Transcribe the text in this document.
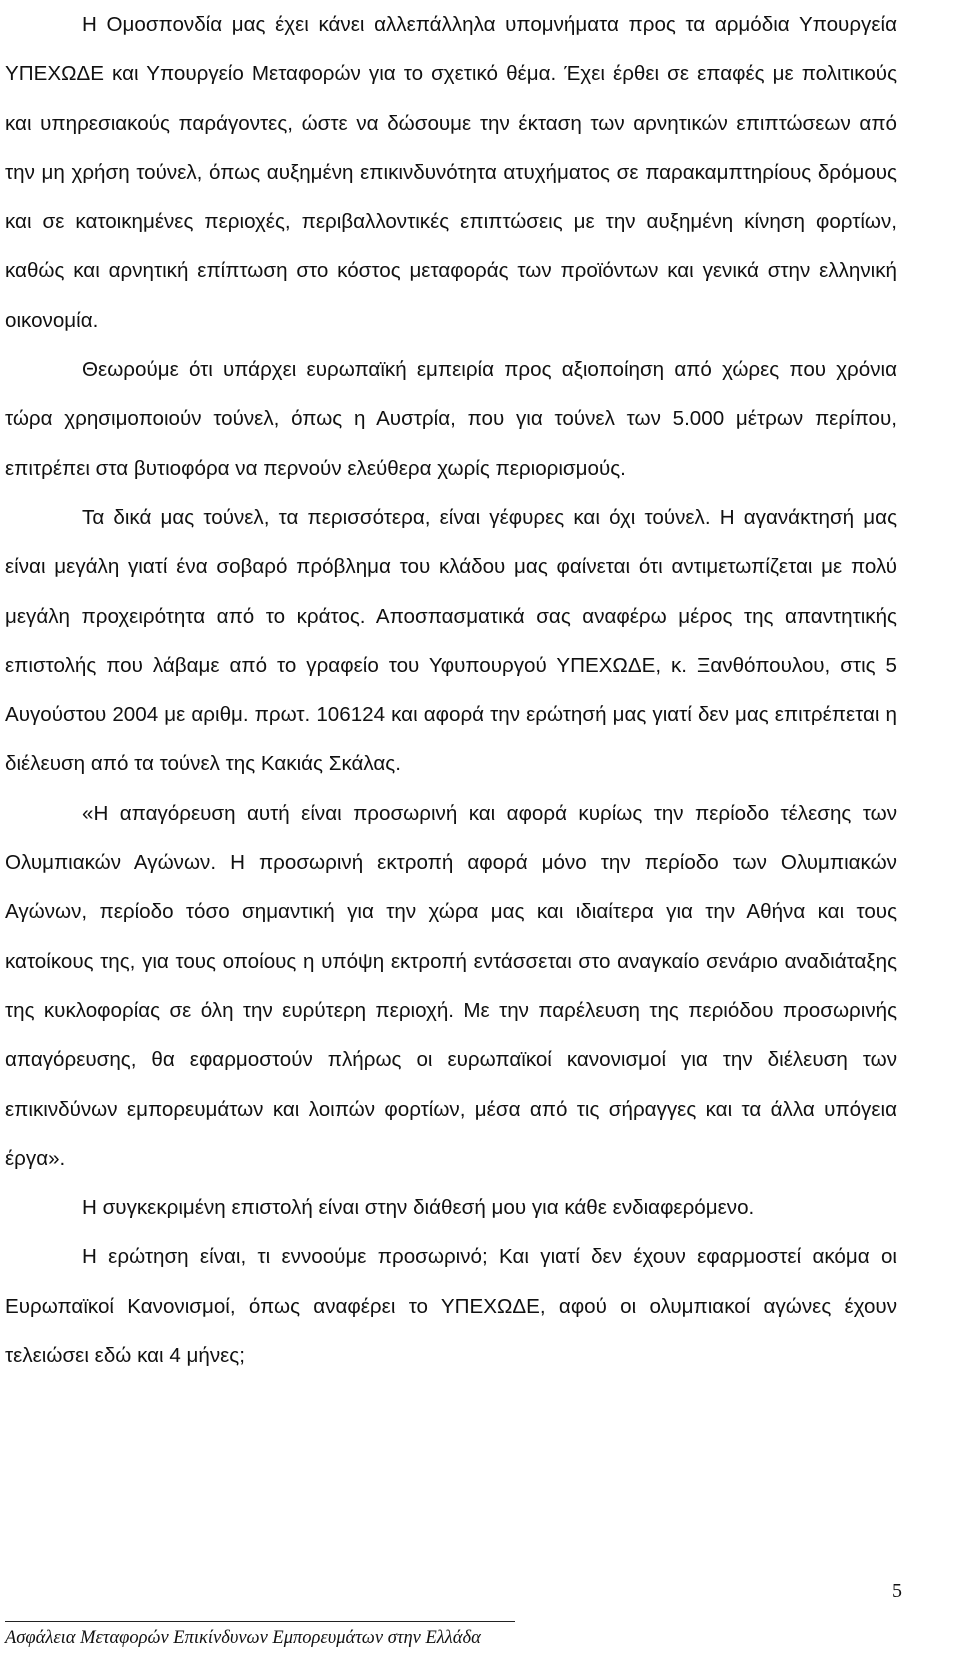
Η Ομοσπονδία μας έχει κάνει αλλεπάλληλα υπομνήματα προς τα αρμόδια Υπουργεία ΥΠΕΧΩΔΕ και Υπουργείο Μεταφορών για το σχετικό θέμα. Έχει έρθει σε επαφές με πολιτικούς και υπηρεσιακούς παράγοντες, ώστε να δώσουμε την έκταση των αρνητικών επιπτώσεων από την μη χρήση τούνελ, όπως αυξημένη επικινδυνότητα ατυχήματος σε παρακαμπτηρίους δρόμους και σε κατοικημένες περιοχές, περιβαλλοντικές επιπτώσεις με την αυξημένη κίνηση φορτίων, καθώς και αρνητική επίπτωση στο κόστος μεταφοράς των προϊόντων και γενικά στην ελληνική οικονομία.

Θεωρούμε ότι υπάρχει ευρωπαϊκή εμπειρία προς αξιοποίηση από χώρες που χρόνια τώρα χρησιμοποιούν τούνελ, όπως η Αυστρία, που για τούνελ των 5.000 μέτρων περίπου, επιτρέπει στα βυτιοφόρα να περνούν ελεύθερα χωρίς περιορισμούς.

Τα δικά μας τούνελ, τα περισσότερα, είναι γέφυρες και όχι τούνελ. Η αγανάκτησή μας είναι μεγάλη γιατί ένα σοβαρό πρόβλημα του κλάδου μας φαίνεται ότι αντιμετωπίζεται με πολύ μεγάλη προχειρότητα από το κράτος. Αποσπασματικά σας αναφέρω μέρος της απαντητικής επιστολής που λάβαμε από το γραφείο του Υφυπουργού ΥΠΕΧΩΔΕ, κ. Ξανθόπουλου, στις 5 Αυγούστου 2004 με αριθμ. πρωτ. 106124 και αφορά την ερώτησή μας γιατί δεν μας επιτρέπεται η διέλευση από τα τούνελ της Κακιάς Σκάλας.

«Η απαγόρευση αυτή είναι προσωρινή και αφορά κυρίως την περίοδο τέλεσης των Ολυμπιακών Αγώνων. Η προσωρινή εκτροπή αφορά μόνο την περίοδο των Ολυμπιακών Αγώνων, περίοδο τόσο σημαντική για την χώρα μας και ιδιαίτερα για την Αθήνα και τους κατοίκους της, για τους οποίους η υπόψη εκτροπή εντάσσεται στο αναγκαίο σενάριο αναδιάταξης της κυκλοφορίας σε όλη την ευρύτερη περιοχή. Με την παρέλευση της περιόδου προσωρινής απαγόρευσης, θα εφαρμοστούν πλήρως οι ευρωπαϊκοί κανονισμοί για την διέλευση των επικινδύνων εμπορευμάτων και λοιπών φορτίων, μέσα από τις σήραγγες και τα άλλα υπόγεια έργα».

Η συγκεκριμένη επιστολή είναι στην διάθεσή μου για κάθε ενδιαφερόμενο.

Η ερώτηση είναι, τι εννοούμε προσωρινό; Και γιατί δεν έχουν εφαρμοστεί ακόμα οι Ευρωπαϊκοί Κανονισμοί, όπως αναφέρει το ΥΠΕΧΩΔΕ, αφού οι ολυμπιακοί αγώνες έχουν τελειώσει εδώ και 4 μήνες;

5
Ασφάλεια Μεταφορών Επικίνδυνων Εμπορευμάτων στην Ελλάδα
